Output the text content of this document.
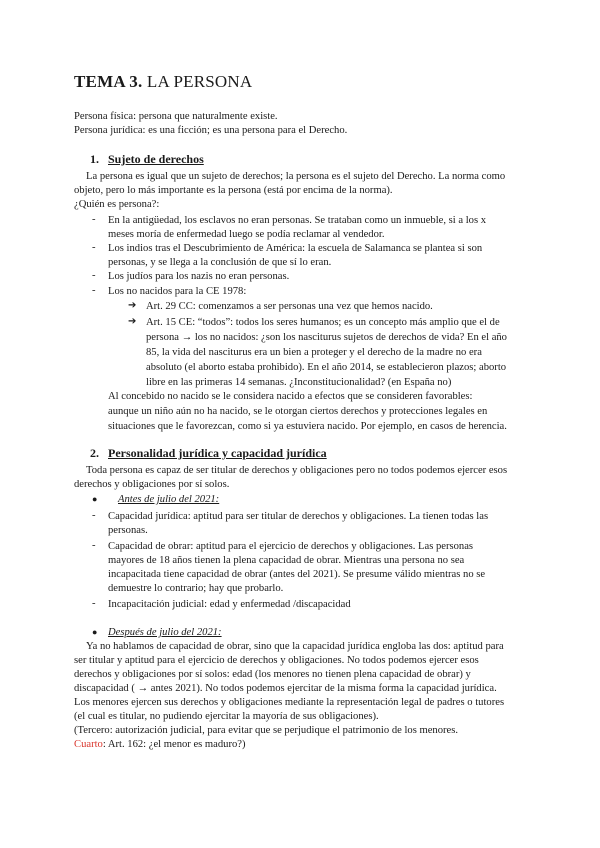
TEMA 3. LA PERSONA
Persona física: persona que naturalmente existe.
Persona jurídica: es una ficción; es una persona para el Derecho.
1. Sujeto de derechos
La persona es igual que un sujeto de derechos; la persona es el sujeto del Derecho. La norma como
objeto, pero lo más importante es la persona (está por encima de la norma).
¿Quién es persona?:
- En la antigüedad, los esclavos no eran personas. Se trataban como un inmueble, si a los x
meses moría de enfermedad luego se podía reclamar al vendedor.
- Los indios tras el Descubrimiento de América: la escuela de Salamanca se plantea si son
personas, y se llega a la conclusión de que sí lo eran.
- Los judíos para los nazis no eran personas.
- Los no nacidos para la CE 1978:
➔ Art. 29 CC: comenzamos a ser personas una vez que hemos nacido.
➔ Art. 15 CE: “todos”: todos los seres humanos; es un concepto más amplio que el de
persona → los no nacidos: ¿son los nasciturus sujetos de derechos de vida? En el año
85, la vida del nasciturus era un bien a proteger y el derecho de la madre no era
absoluto (el aborto estaba prohibido). En el año 2014, se establecieron plazos; aborto
libre en las primeras 14 semanas. ¿Inconstitucionalidad? (en España no)
Al concebido no nacido se le considera nacido a efectos que se consideren favorables:
aunque un niño aún no ha nacido, se le otorgan ciertos derechos y protecciones legales en
situaciones que le favorezcan, como si ya estuviera nacido. Por ejemplo, en casos de herencia.
2. Personalidad jurídica y capacidad jurídica
Toda persona es capaz de ser titular de derechos y obligaciones pero no todos podemos ejercer esos
derechos y obligaciones por sí solos.
● Antes de julio del 2021:
- Capacidad jurídica: aptitud para ser titular de derechos y obligaciones. La tienen todas las
personas.
- Capacidad de obrar: aptitud para el ejercicio de derechos y obligaciones. Las personas
mayores de 18 años tienen la plena capacidad de obrar. Mientras una persona no sea
incapacitada tiene capacidad de obrar (antes del 2021). Se presume válido mientras no se
demuestre lo contrario; hay que probarlo.
- Incapacitación judicial: edad y enfermedad /discapacidad
● Después de julio del 2021:
Ya no hablamos de capacidad de obrar, sino que la capacidad jurídica engloba las dos: aptitud para
ser titular y aptitud para el ejercicio de derechos y obligaciones. No todos podemos ejercer esos
derechos y obligaciones por sí solos: edad (los menores no tienen plena capacidad de obrar) y
discapacidad ( → antes 2021). No todos podemos ejercitar de la misma forma la capacidad jurídica.
Los menores ejercen sus derechos y obligaciones mediante la representación legal de padres o tutores
(el cual es titular, no pudiendo ejercitar la mayoría de sus obligaciones).
(Tercero: autorización judicial, para evitar que se perjudique el patrimonio de los menores.
Cuarto: Art. 162: ¿el menor es maduro?)
